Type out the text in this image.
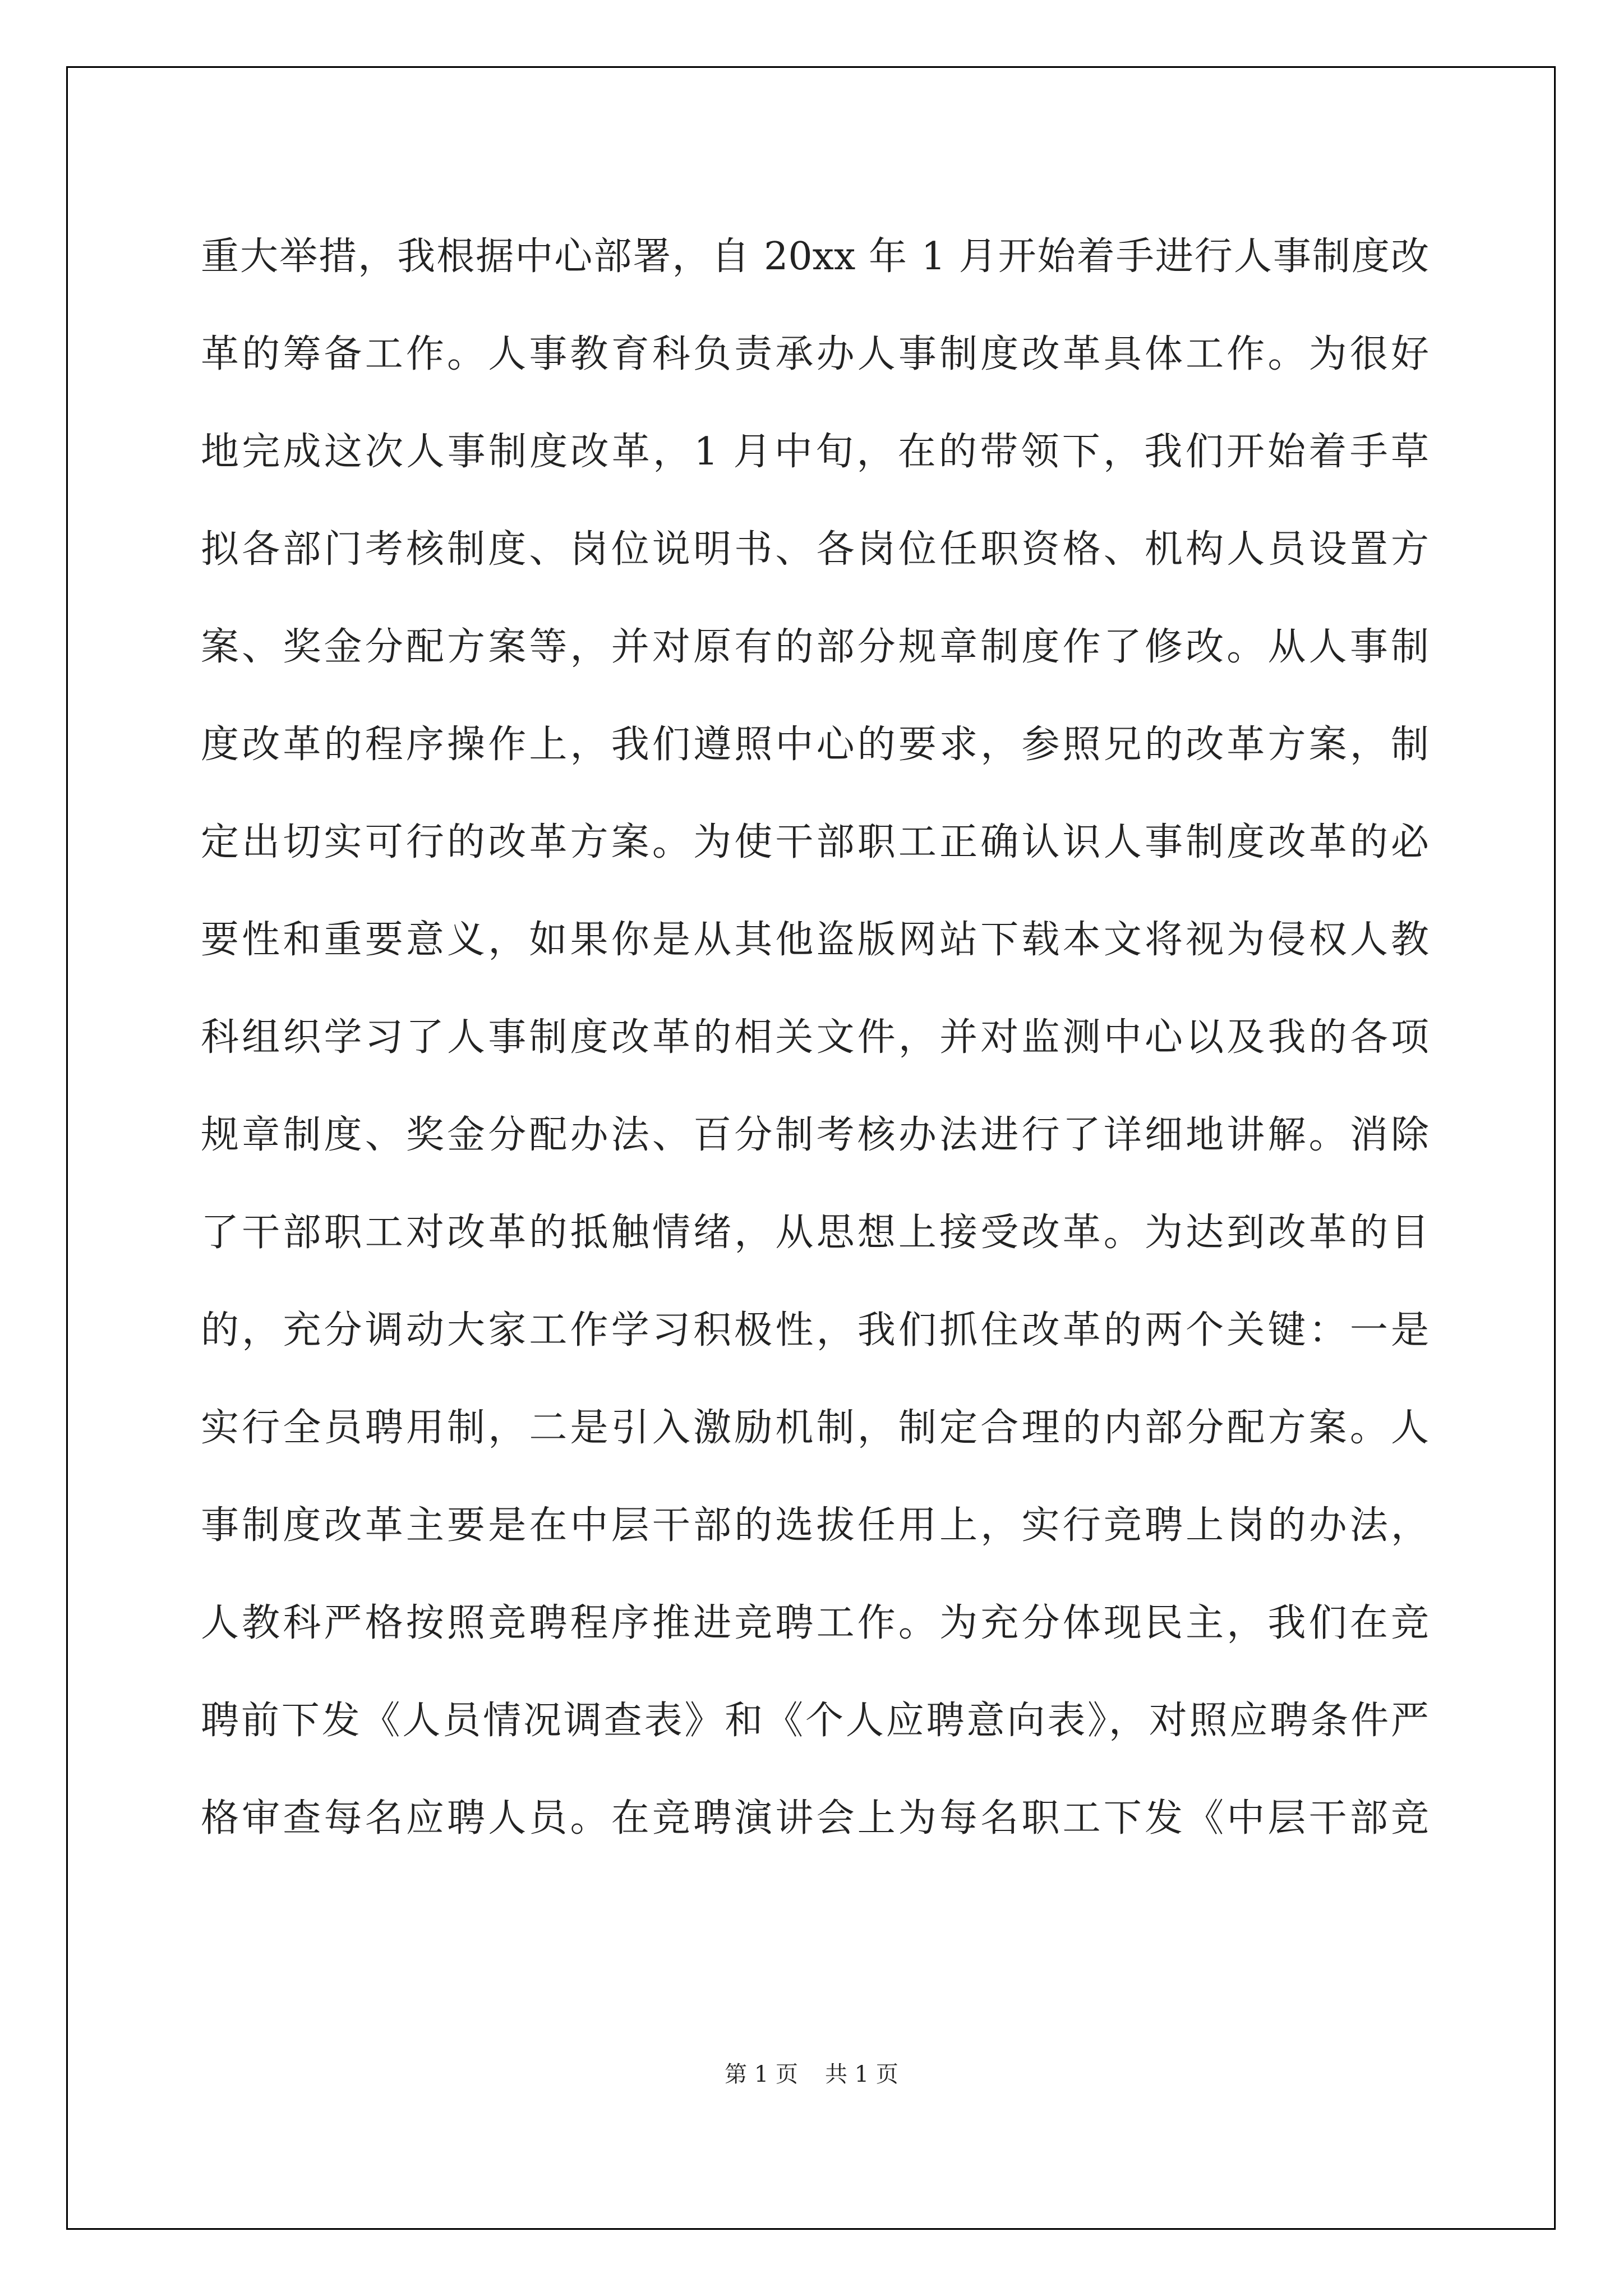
重大举措，我根据中心部署，自 20xx 年 1 月开始着手进行人事制度改
革的筹备工作。人事教育科负责承办人事制度改革具体工作。为很好
地完成这次人事制度改革，1 月中旬，在的带领下，我们开始着手草
拟各部门考核制度、岗位说明书、各岗位任职资格、机构人员设置方
案、奖金分配方案等，并对原有的部分规章制度作了修改。从人事制
度改革的程序操作上，我们遵照中心的要求，参照兄的改革方案，制
定出切实可行的改革方案。为使干部职工正确认识人事制度改革的必
要性和重要意义，如果你是从其他盗版网站下载本文将视为侵权人教
科组织学习了人事制度改革的相关文件，并对监测中心以及我的各项
规章制度、奖金分配办法、百分制考核办法进行了详细地讲解。消除
了干部职工对改革的抵触情绪，从思想上接受改革。为达到改革的目
的，充分调动大家工作学习积极性，我们抓住改革的两个关键：一是
实行全员聘用制，二是引入激励机制，制定合理的内部分配方案。人
事制度改革主要是在中层干部的选拔任用上，实行竞聘上岗的办法，
人教科严格按照竞聘程序推进竞聘工作。为充分体现民主，我们在竞
聘前下发《人员情况调查表》和《个人应聘意向表》，对照应聘条件严
格审查每名应聘人员。在竞聘演讲会上为每名职工下发《中层干部竞
第 1 页 共 1 页
